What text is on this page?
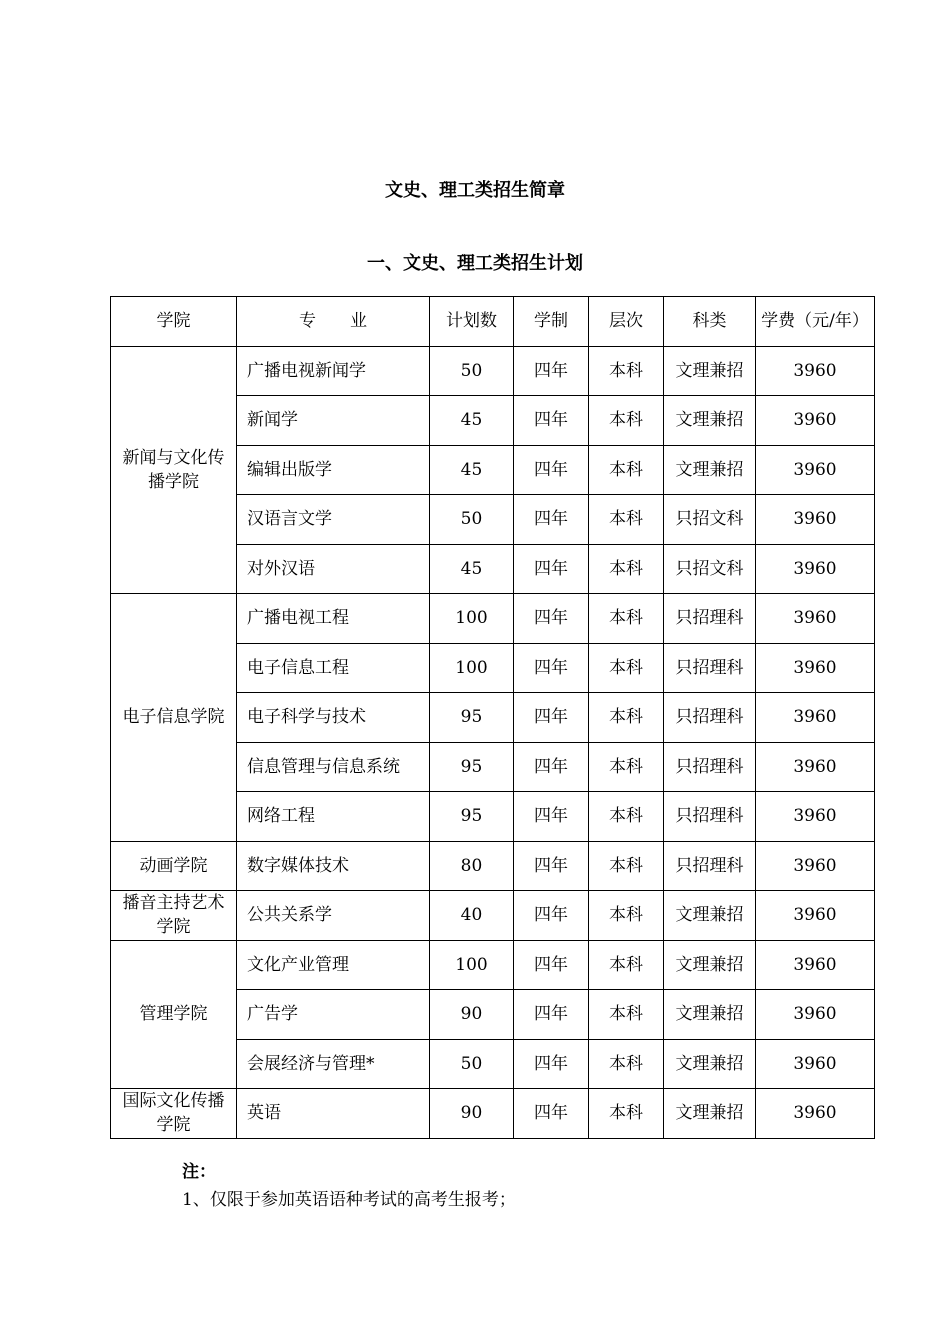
文史、理工类招生简章
一、文史、理工类招生计划
学院	专　　业	计划数	学制	层次	科类	学费（元/年）
新闻与文化传播学院	广播电视新闻学	50	四年	本科	文理兼招	3960
	新闻学	45	四年	本科	文理兼招	3960
	编辑出版学	45	四年	本科	文理兼招	3960
	汉语言文学	50	四年	本科	只招文科	3960
	对外汉语	45	四年	本科	只招文科	3960
电子信息学院	广播电视工程	100	四年	本科	只招理科	3960
	电子信息工程	100	四年	本科	只招理科	3960
	电子科学与技术	95	四年	本科	只招理科	3960
	信息管理与信息系统	95	四年	本科	只招理科	3960
	网络工程	95	四年	本科	只招理科	3960
动画学院	数字媒体技术	80	四年	本科	只招理科	3960
播音主持艺术学院	公共关系学	40	四年	本科	文理兼招	3960
管理学院	文化产业管理	100	四年	本科	文理兼招	3960
	广告学	90	四年	本科	文理兼招	3960
	会展经济与管理*	50	四年	本科	文理兼招	3960
国际文化传播学院	英语	90	四年	本科	文理兼招	3960
注：
1、仅限于参加英语语种考试的高考生报考；
